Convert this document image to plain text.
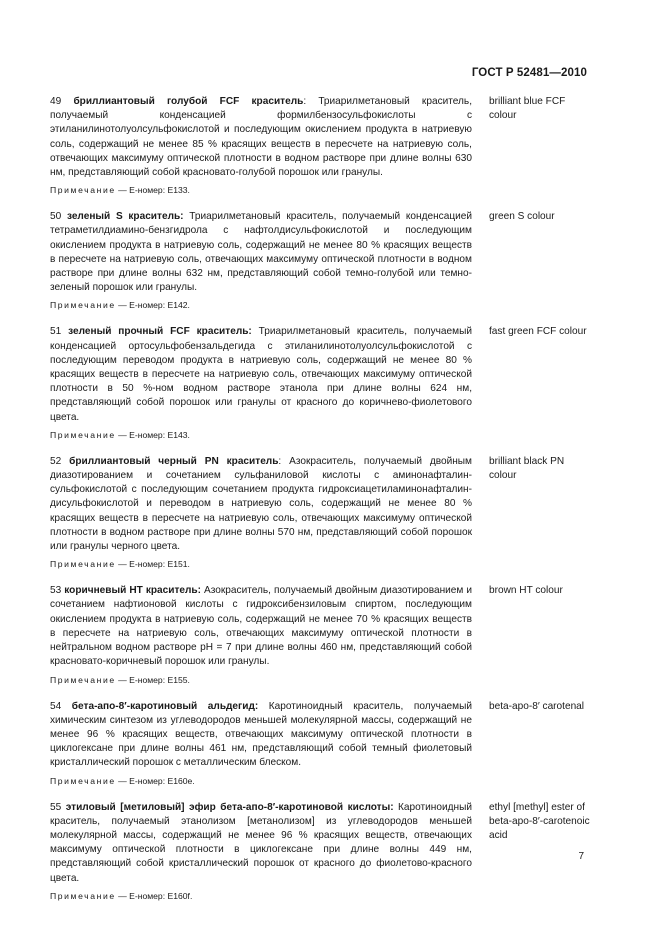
ГОСТ Р 52481—2010
49 бриллиантовый голубой FCF краситель: Триарилметановый краситель, получаемый конденсацией формилбензосульфокислоты с этиланилинотолуолсульфокислотой и последующим окислением продукта в натриевую соль, содержащий не менее 85 % красящих веществ в пересчете на натриевую соль, отвечающих максимуму оптической плотности в водном растворе при длине волны 630 нм, представляющий собой красновато-голубой порошок или гранулы.
brilliant blue FCF colour
Примечание — Е-номер: Е133.
50 зеленый S краситель: Триарилметановый краситель, получаемый конденсацией тетраметилдиамино-бензгидрола с нафтолдисульфокислотой и последующим окислением продукта в натриевую соль, содержащий не менее 80 % красящих веществ в пересчете на натриевую соль, отвечающих максимуму оптической плотности в водном растворе при длине волны 632 нм, представляющий собой темно-голубой или темно-зеленый порошок или гранулы.
green S colour
Примечание — Е-номер: Е142.
51 зеленый прочный FCF краситель: Триарилметановый краситель, получаемый конденсацией ортосульфобензальдегида с этиланилинотолуолсульфокислотой с последующим переводом продукта в натриевую соль, содержащий не менее 80 % красящих веществ в пересчете на натриевую соль, отвечающих максимуму оптической плотности в 50 %-ном водном растворе этанола при длине волны 624 нм, представляющий собой порошок или гранулы от красного до коричнево-фиолетового цвета.
fast green FCF colour
Примечание — Е-номер: Е143.
52 бриллиантовый черный PN краситель: Азокраситель, получаемый двойным диазотированием и сочетанием сульфаниловой кислоты с аминонафталин-сульфокислотой с последующим сочетанием продукта гидроксиацетиламинонафталин-дисульфокислотой и переводом в натриевую соль, содержащий не менее 80 % красящих веществ в пересчете на натриевую соль, отвечающих максимуму оптической плотности в водном растворе при длине волны 570 нм, представляющий собой порошок или гранулы черного цвета.
brilliant black PN colour
Примечание — Е-номер: Е151.
53 коричневый HT краситель: Азокраситель, получаемый двойным диазотированием и сочетанием нафтионовой кислоты с гидроксибензиловым спиртом, последующим окислением продукта в натриевую соль, содержащий не менее 70 % красящих веществ в пересчете на натриевую соль, отвечающих максимуму оптической плотности в нейтральном водном растворе pH = 7 при длине волны 460 нм, представляющий собой красновато-коричневый порошок или гранулы.
brown HT colour
Примечание — Е-номер: Е155.
54 бета-апо-8′-каротиновый альдегид: Каротиноидный краситель, получаемый химическим синтезом из углеводородов меньшей молекулярной массы, содержащий не менее 96 % красящих веществ, отвечающих максимуму оптической плотности в циклогексане при длине волны 461 нм, представляющий собой темный фиолетовый кристаллический порошок с металлическим блеском.
beta-apo-8′ carotenal
Примечание — Е-номер: Е160е.
55 этиловый [метиловый] эфир бета-апо-8′-каротиновой кислоты: Каротиноидный краситель, получаемый этанолизом [метанолизом] из углеводородов меньшей молекулярной массы, содержащий не менее 96 % красящих веществ, отвечающих максимуму оптической плотности в циклогексане при длине волны 449 нм, представляющий собой кристаллический порошок от красного до фиолетово-красного цвета.
ethyl [methyl] ester of beta-apo-8′-carotenoic acid
Примечание — Е-номер: Е160f.
7
